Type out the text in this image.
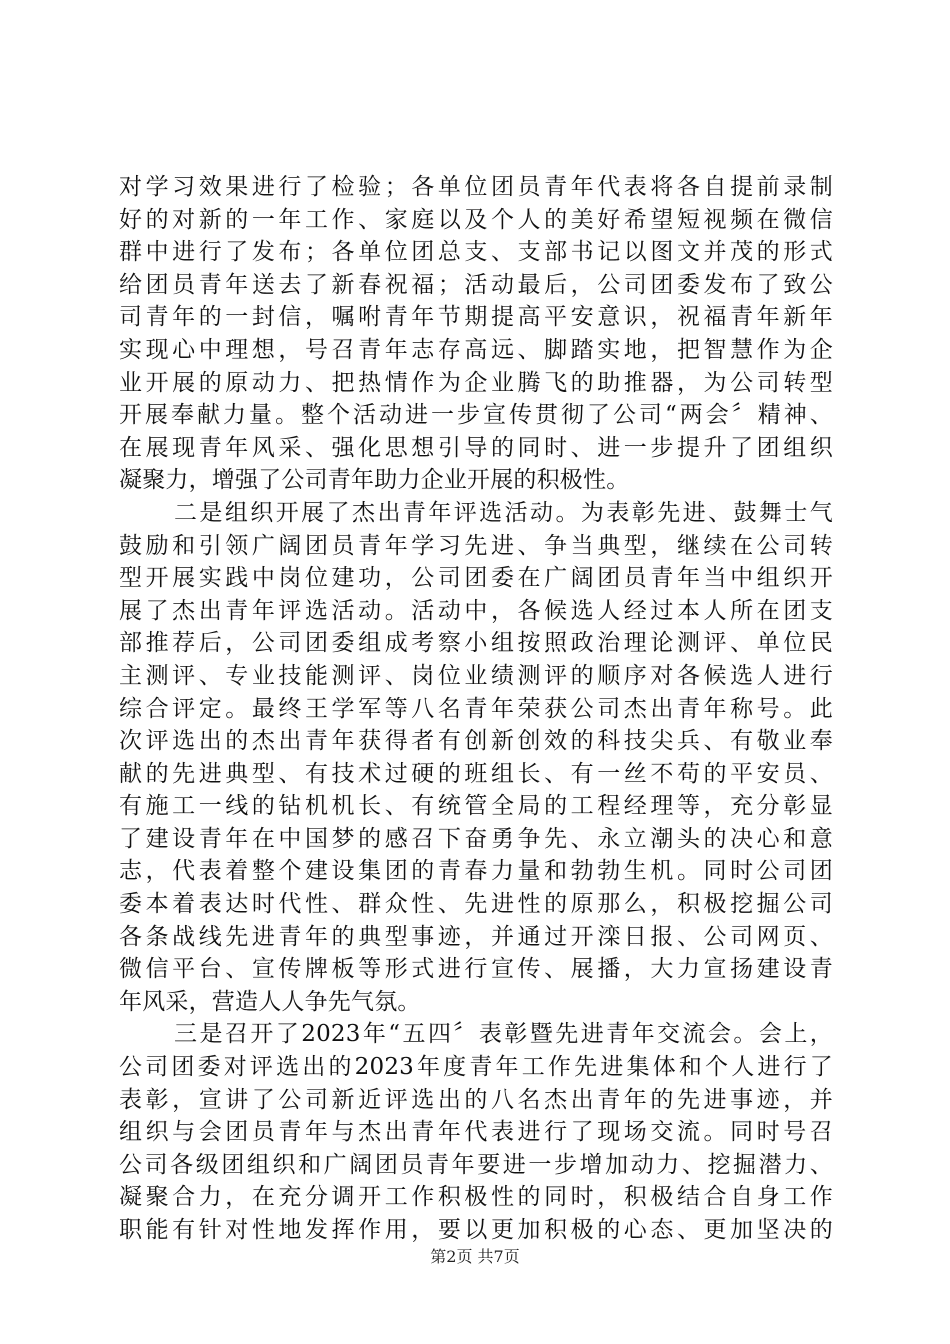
对学习效果进行了检验；各单位团员青年代表将各自提前录制
好的对新的一年工作、家庭以及个人的美好希望短视频在微信
群中进行了发布；各单位团总支、支部书记以图文并茂的形式
给团员青年送去了新春祝福；活动最后，公司团委发布了致公
司青年的一封信，嘱咐青年节期提高平安意识，祝福青年新年
实现心中理想，号召青年志存高远、脚踏实地，把智慧作为企
业开展的原动力、把热情作为企业腾飞的助推器，为公司转型
开展奉献力量。整个活动进一步宣传贯彻了公司“两会〞精神、
在展现青年风采、强化思想引导的同时、进一步提升了团组织
凝聚力，增强了公司青年助力企业开展的积极性。
二是组织开展了杰出青年评选活动。为表彰先进、鼓舞士气
鼓励和引领广阔团员青年学习先进、争当典型，继续在公司转
型开展实践中岗位建功，公司团委在广阔团员青年当中组织开
展了杰出青年评选活动。活动中，各候选人经过本人所在团支
部推荐后，公司团委组成考察小组按照政治理论测评、单位民
主测评、专业技能测评、岗位业绩测评的顺序对各候选人进行
综合评定。最终王学军等八名青年荣获公司杰出青年称号。此
次评选出的杰出青年获得者有创新创效的科技尖兵、有敬业奉
献的先进典型、有技术过硬的班组长、有一丝不苟的平安员、
有施工一线的钻机机长、有统管全局的工程经理等，充分彰显
了建设青年在中国梦的感召下奋勇争先、永立潮头的决心和意
志，代表着整个建设集团的青春力量和勃勃生机。同时公司团
委本着表达时代性、群众性、先进性的原那么，积极挖掘公司
各条战线先进青年的典型事迹，并通过开滦日报、公司网页、
微信平台、宣传牌板等形式进行宣传、展播，大力宣扬建设青
年风采，营造人人争先气氛。
三是召开了2023年“五四〞表彰暨先进青年交流会。会上，
公司团委对评选出的2023年度青年工作先进集体和个人进行了
表彰，宣讲了公司新近评选出的八名杰出青年的先进事迹，并
组织与会团员青年与杰出青年代表进行了现场交流。同时号召
公司各级团组织和广阔团员青年要进一步增加动力、挖掘潜力、
凝聚合力，在充分调开工作积极性的同时，积极结合自身工作
职能有针对性地发挥作用，要以更加积极的心态、更加坚决的
第2页 共7页
